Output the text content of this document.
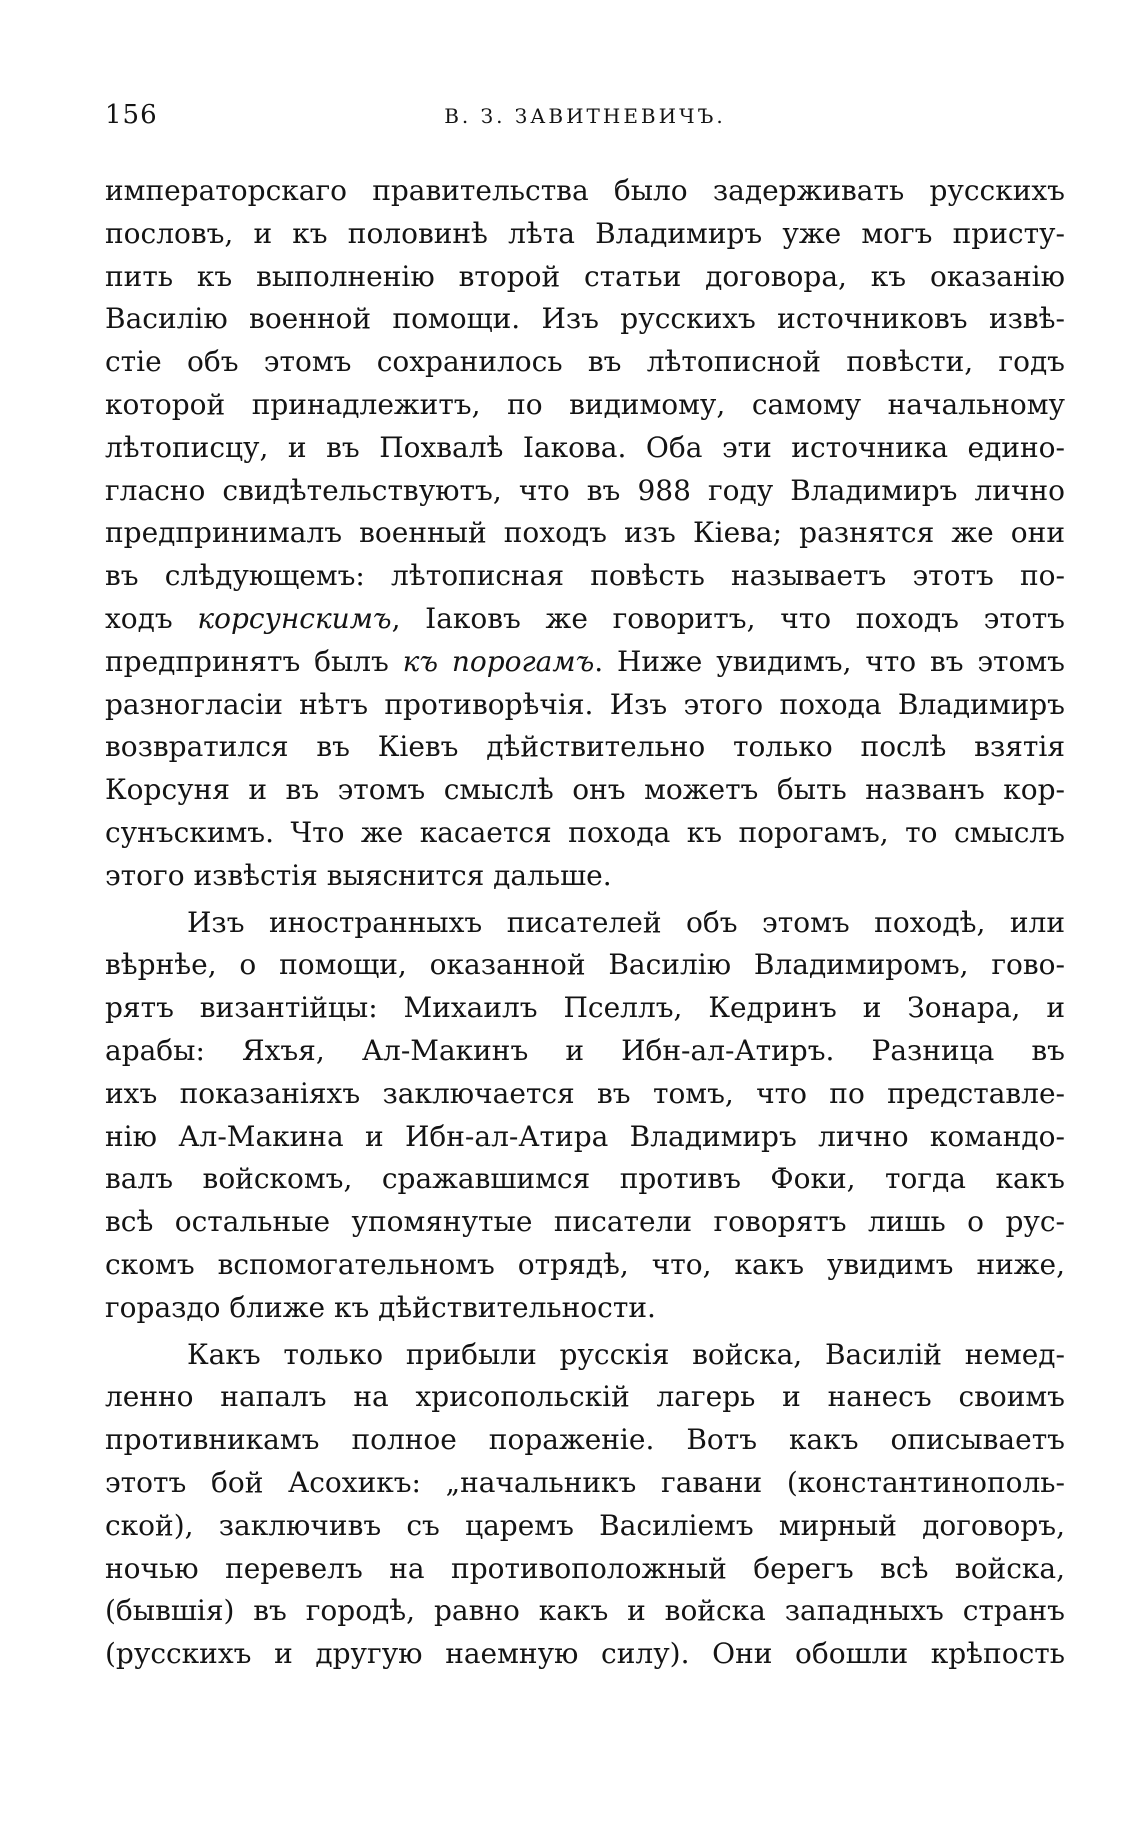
156	В. З. ЗАВИТНЕВИЧЪ.
императорскаго правительства было задерживать русскихъ
пословъ, и къ половинѣ лѣта Владимиръ уже могъ присту-
пить къ выполненію второй статьи договора, къ оказанію
Василію военной помощи. Изъ русскихъ источниковъ извѣ-
стіе объ этомъ сохранилось въ лѣтописной повѣсти, годъ
которой принадлежитъ, по видимому, самому начальному
лѣтописцу, и въ Похвалѣ Іакова. Оба эти источника едино-
гласно свидѣтельствуютъ, что въ 988 году Владимиръ лично
предпринималъ военный походъ изъ Кіева; разнятся же они
въ слѣдующемъ: лѣтописная повѣсть называетъ этотъ по-
ходъ корсунскимъ, Іаковъ же говоритъ, что походъ этотъ
предпринятъ былъ къ порогамъ. Ниже увидимъ, что въ этомъ
разногласіи нѣтъ противорѣчія. Изъ этого похода Владимиръ
возвратился въ Кіевъ дѣйствительно только послѣ взятія
Корсуня и въ этомъ смыслѣ онъ можетъ быть названъ кор-
сунъскимъ. Что же касается похода къ порогамъ, то смыслъ
этого извѣстія выяснится дальше.
Изъ иностранныхъ писателей объ этомъ походѣ, или
вѣрнѣе, о помощи, оказанной Василію Владимиромъ, гово-
рятъ византійцы: Михаилъ Пселлъ, Кедринъ и Зонара, и
арабы: Яхъя, Ал-Макинъ и Ибн-ал-Атиръ. Разница въ
ихъ показаніяхъ заключается въ томъ, что по представле-
нію Ал-Макина и Ибн-ал-Атира Владимиръ лично командо-
валъ войскомъ, сражавшимся противъ Фоки, тогда какъ
всѣ остальные упомянутые писатели говорятъ лишь о рус-
скомъ вспомогательномъ отрядѣ, что, какъ увидимъ ниже,
гораздо ближе къ дѣйствительности.
Какъ только прибыли русскія войска, Василій немед-
ленно напалъ на хрисопольскій лагерь и нанесъ своимъ
противникамъ полное пораженіе. Вотъ какъ описываетъ
этотъ бой Асохикъ: „начальникъ гавани (константинополь-
ской), заключивъ съ царемъ Василіемъ мирный договоръ,
ночью перевелъ на противоположный берегъ всѣ войска,
(бывшія) въ городѣ, равно какъ и войска западныхъ странъ
(русскихъ и другую наемную силу). Они обошли крѣпость
